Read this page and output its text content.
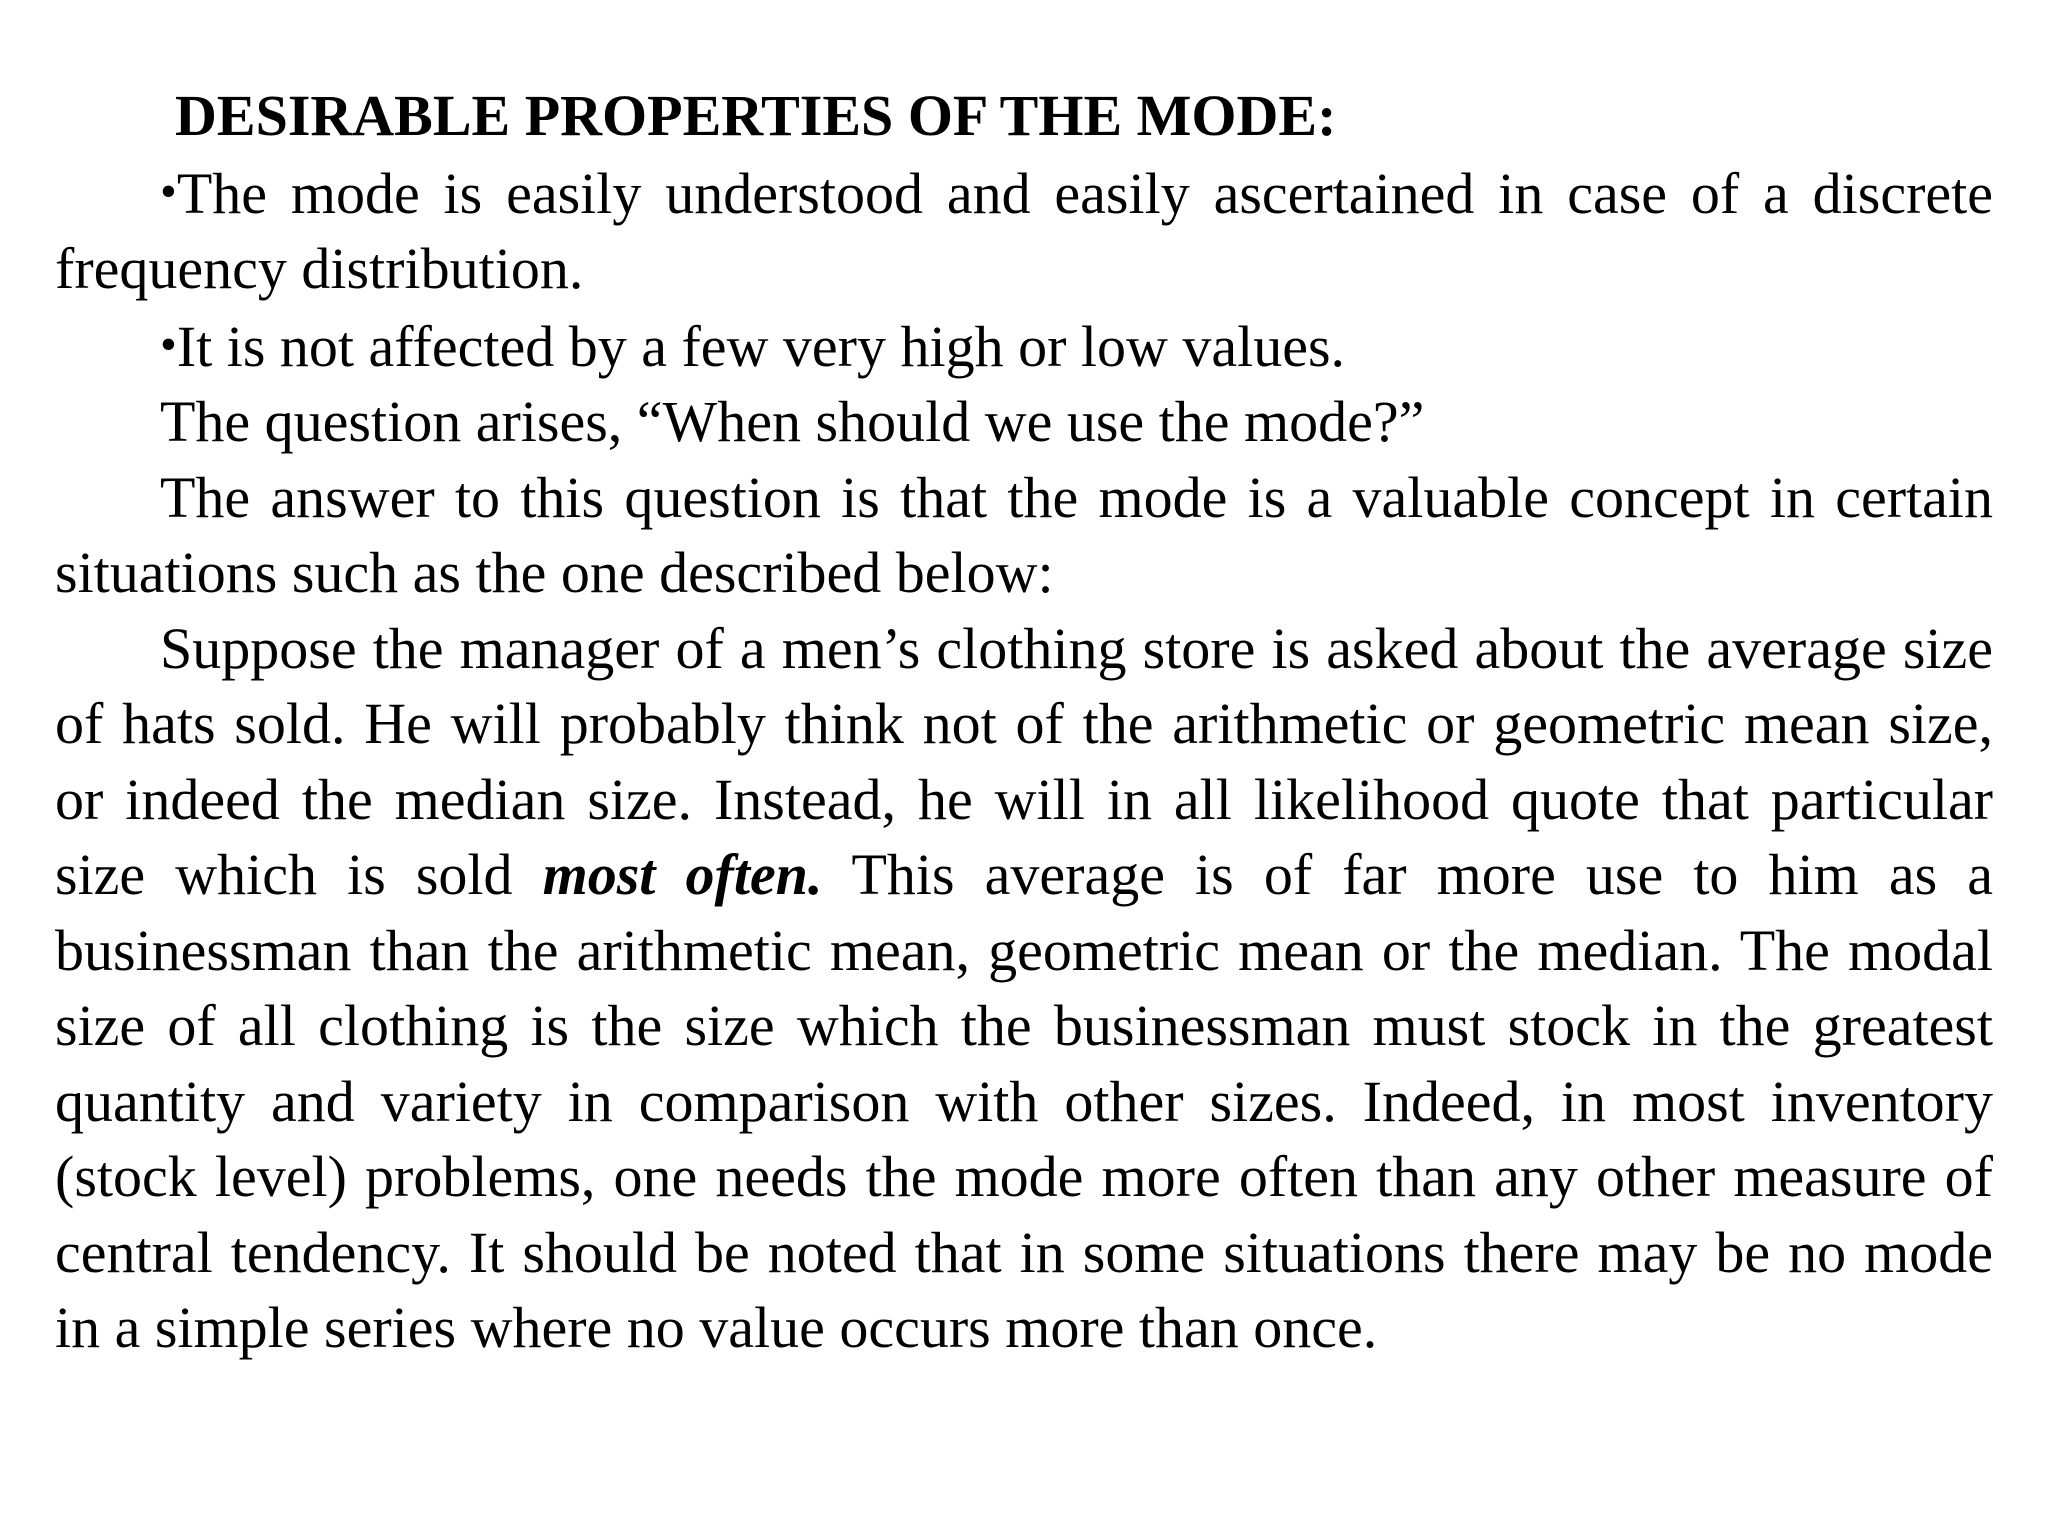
DESIRABLE PROPERTIES OF THE MODE:

•The mode is easily understood and easily ascertained in case of a discrete frequency distribution.

•It is not affected by a few very high or low values.

The question arises, “When should we use the mode?”

The answer to this question is that the mode is a valuable concept in certain situations such as the one described below:

Suppose the manager of a men’s clothing store is asked about the average size of hats sold. He will probably think not of the arithmetic or geometric mean size, or indeed the median size. Instead, he will in all likelihood quote that particular size which is sold most often. This average is of far more use to him as a businessman than the arithmetic mean, geometric mean or the median. The modal size of all clothing is the size which the businessman must stock in the greatest quantity and variety in comparison with other sizes. Indeed, in most inventory (stock level) problems, one needs the mode more often than any other measure of central tendency. It should be noted that in some situations there may be no mode in a simple series where no value occurs more than once.
